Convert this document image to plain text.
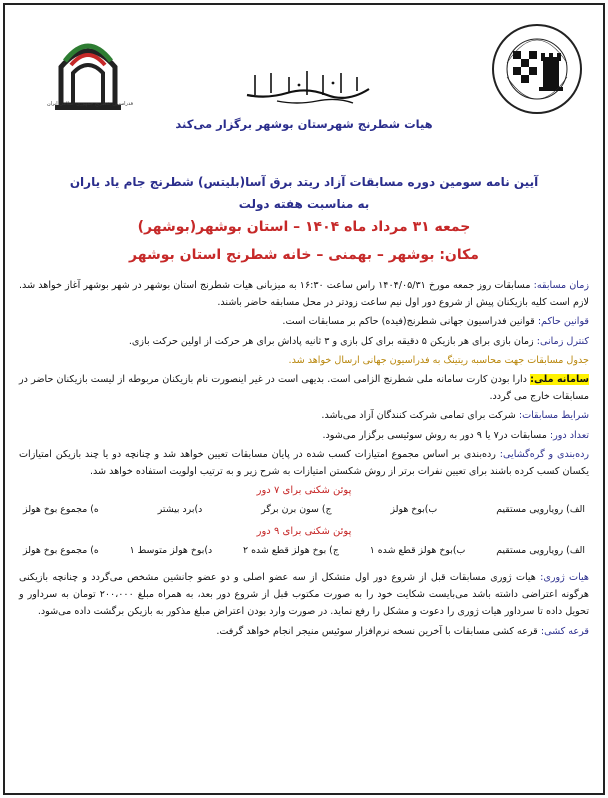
فدراسیون شطرنج جمهوری اسلامی ایران
هیات شطرنج شهرستان بوشهر برگزار می‌کند
آیین نامه سومین دوره مسابقات آزاد ریتد برق آسا(بلیتس) شطرنج جام یاد یاران
به مناسبت هفته دولت
جمعه ۳۱ مرداد ماه ۱۴۰۴ – استان بوشهر(بوشهر)
مکان: بوشهر – بهمنی – خانه شطرنج استان بوشهر
زمان مسابقه: مسابقات روز جمعه مورخ ۱۴۰۴/۰۵/۳۱ راس ساعت ۱۶:۳۰ به میزبانی هیات شطرنج استان بوشهر در شهر بوشهر آغاز خواهد شد. لازم است کلیه بازیکنان پیش از شروع دور اول نیم ساعت زودتر در محل مسابقه حاضر باشند.
قوانین حاکم: قوانین فدراسیون جهانی شطرنج(فیده) حاکم بر مسابقات است.
کنترل زمانی: زمان بازی برای هر بازیکن ۵ دقیقه برای کل بازی و ۳ ثانیه پاداش برای هر حرکت از اولین حرکت بازی.
جدول مسابقات جهت محاسبه ریتینگ به فدراسیون جهانی ارسال خواهد شد.
سامانه ملی: دارا بودن کارت سامانه ملی شطرنج الزامی است. بدیهی است در غیر اینصورت نام بازیکنان مربوطه از لیست بازیکنان حاضر در مسابقات خارج می گردد.
شرایط مسابقات: شرکت برای تمامی شرکت کنندگان آزاد می‌باشد.
تعداد دور: مسابقات در۷ یا ۹ دور به روش سوئیسی برگزار می‌شود.
رده‌بندی و گره‌گشایی: رده‌بندی بر اساس مجموع امتیازات کسب شده در پایان مسابقات تعیین خواهد شد و چنانچه دو یا چند بازیکن امتیازات یکسان کسب کرده باشند برای تعیین نفرات برتر از روش شکستن امتیازات به شرح زیر و به ترتیب اولویت استفاده خواهد شد.
پوئن شکنی برای ۷ دور
الف) رویارویی مستقیم
ب)بوخ هولز
ج) سون برن برگر
د)برد بیشتر
ه) مجموع بوخ هولز
پوئن شکنی برای ۹ دور
الف) رویارویی مستقیم
ب)بوخ هولز قطع شده ۱
ج) بوخ هولز قطع شده ۲
د)بوخ هولز متوسط ۱
ه) مجموع بوخ هولز
هیات ژوری: هیات ژوری مسابقات قبل از شروع دور اول متشکل از سه عضو اصلی و دو عضو جانشین مشخص می‌گردد و چنانچه بازیکنی هرگونه اعتراضی داشته باشد می‌بایست شکایت خود را به صورت مکتوب قبل از شروع دور بعد، به همراه مبلغ ۲۰۰،۰۰۰ تومان به سرداور و تحویل داده تا سرداور هیات ژوری را دعوت و مشکل را رفع نماید. در صورت وارد بودن اعتراض مبلغ مذکور به بازیکن برگشت داده می‌شود.
قرعه کشی: قرعه کشی مسابقات با آخرین نسخه نرم‌افزار سوئیس منیجر انجام خواهد گرفت.
